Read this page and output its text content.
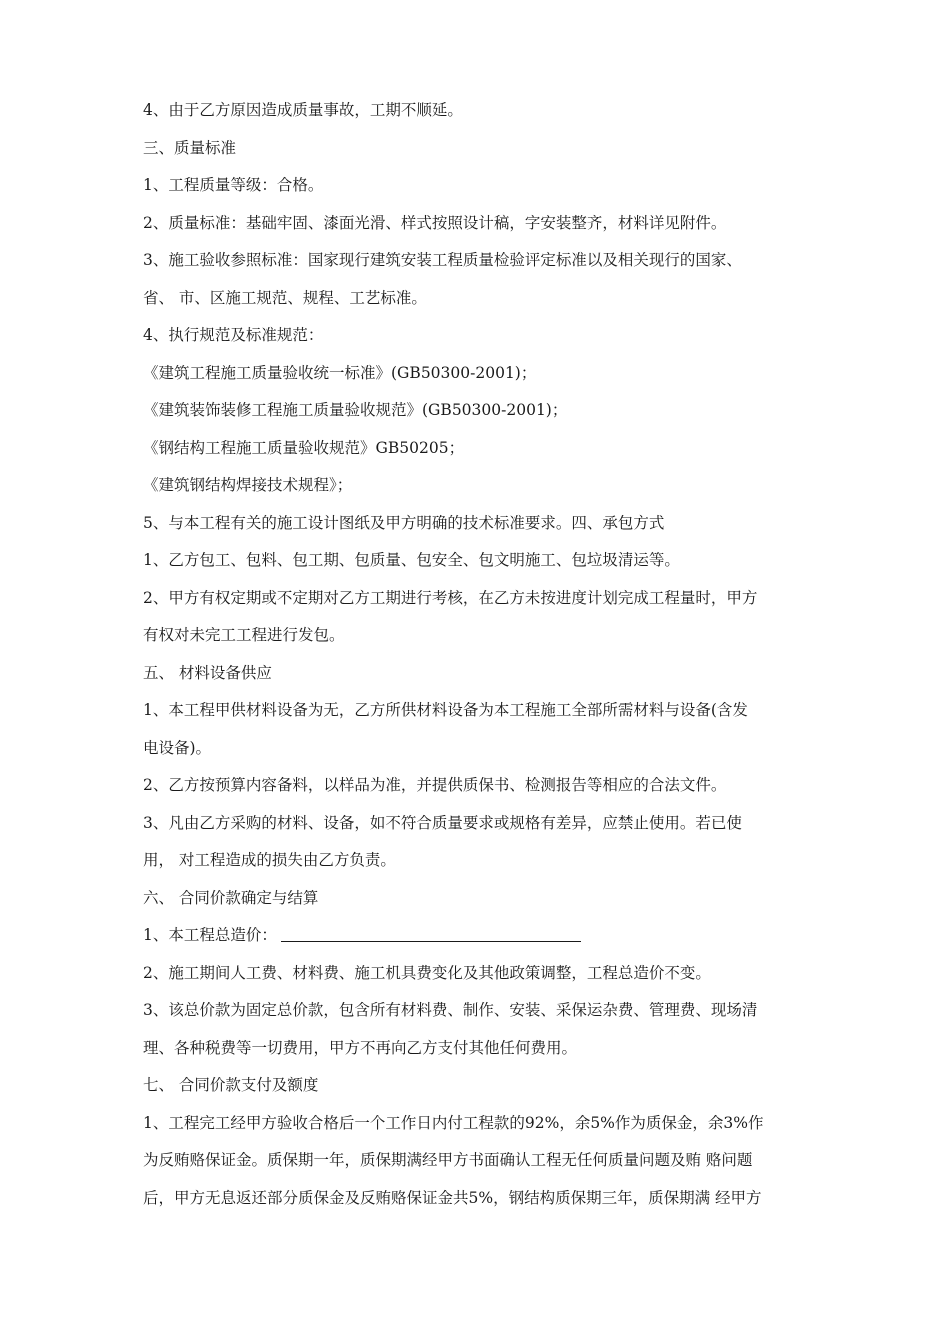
4、由于乙方原因造成质量事故，工期不顺延。
三、质量标准
1、工程质量等级：合格。
2、质量标准：基础牢固、漆面光滑、样式按照设计稿，字安装整齐，材料详见附件。
3、施工验收参照标准：国家现行建筑安装工程质量检验评定标准以及相关现行的国家、
省、 市、区施工规范、规程、工艺标准。
4、执行规范及标准规范：
《建筑工程施工质量验收统一标准》(GB50300-2001)；
《建筑装饰装修工程施工质量验收规范》(GB50300-2001)；
《钢结构工程施工质量验收规范》GB50205；
《建筑钢结构焊接技术规程》；
5、与本工程有关的施工设计图纸及甲方明确的技术标准要求。四、承包方式
1、乙方包工、包料、包工期、包质量、包安全、包文明施工、包垃圾清运等。
2、甲方有权定期或不定期对乙方工期进行考核，在乙方未按进度计划完成工程量时，甲方
有权对未完工工程进行发包。
五、 材料设备供应
1、本工程甲供材料设备为无，乙方所供材料设备为本工程施工全部所需材料与设备(含发
电设备)。
2、乙方按预算内容备料，以样品为准，并提供质保书、检测报告等相应的合法文件。
3、凡由乙方采购的材料、设备，如不符合质量要求或规格有差异，应禁止使用。若已使
用， 对工程造成的损失由乙方负责。
六、 合同价款确定与结算
1、本工程总造价：
2、施工期间人工费、材料费、施工机具费变化及其他政策调整，工程总造价不变。
3、该总价款为固定总价款，包含所有材料费、制作、安装、采保运杂费、管理费、现场清
理、各种税费等一切费用，甲方不再向乙方支付其他任何费用。
七、 合同价款支付及额度
1、工程完工经甲方验收合格后一个工作日内付工程款的92%，余5%作为质保金，余3%作
为反贿赂保证金。质保期一年，质保期满经甲方书面确认工程无任何质量问题及贿 赂问题
后，甲方无息返还部分质保金及反贿赂保证金共5%，钢结构质保期三年，质保期满 经甲方
